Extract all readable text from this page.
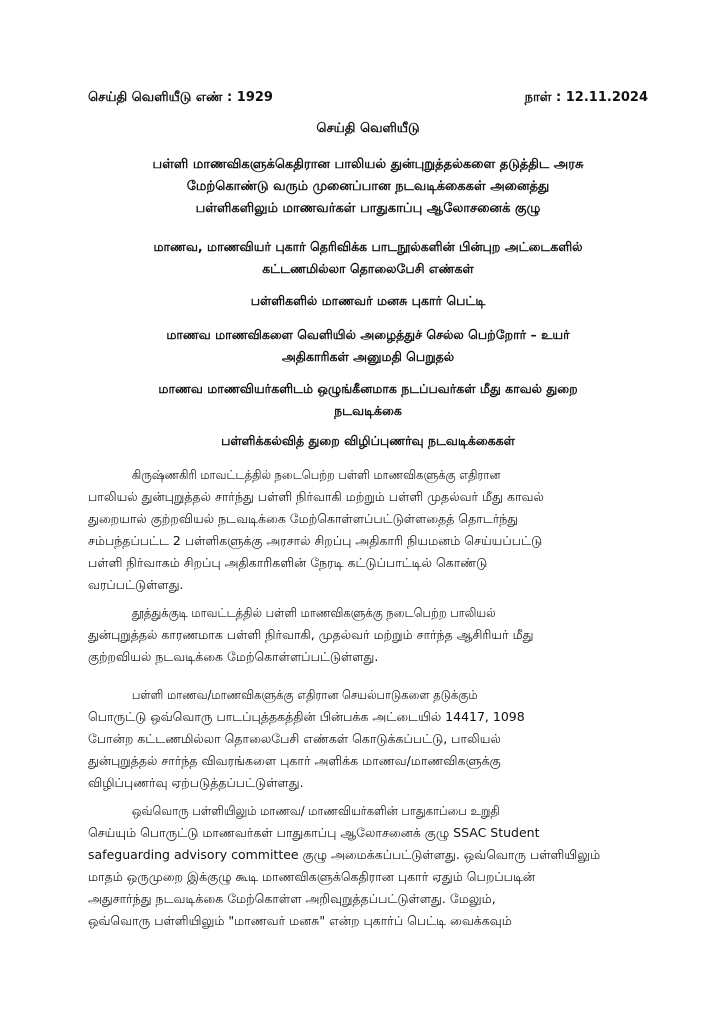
செய்தி வெளியீடு எண் : 1929	நாள் : 12.11.2024
செய்தி வெளியீடு
பள்ளி மாணவிகளுக்கெதிரான பாலியல் துன்புறுத்தல்களை தடுத்திட அரசு
மேற்கொண்டு வரும் முனைப்பான நடவடிக்கைகள் அனைத்து
பள்ளிகளிலும் மாணவர்கள் பாதுகாப்பு ஆலோசனைக் குழு
மாணவ, மாணவியர் புகார் தெரிவிக்க பாடநூல்களின் பின்புற அட்டைகளில்
கட்டணமில்லா தொலைபேசி எண்கள்
பள்ளிகளில் மாணவர் மனசு புகார் பெட்டி
மாணவ மாணவிகளை வெளியில் அழைத்துச் செல்ல பெற்றோர் – உயர்
அதிகாரிகள் அனுமதி பெறுதல்
மாணவ மாணவியர்களிடம் ஒழுங்கீனமாக நடப்பவர்கள் மீது காவல் துறை
நடவடிக்கை
பள்ளிக்கல்வித் துறை விழிப்புணர்வு நடவடிக்கைகள்
கிருஷ்ணகிரி மாவட்டத்தில் நடைபெற்ற பள்ளி மாணவிகளுக்கு எதிரான
பாலியல் துன்புறுத்தல் சார்ந்து பள்ளி நிர்வாகி மற்றும் பள்ளி முதல்வர் மீது காவல்
துறையால் குற்றவியல் நடவடிக்கை மேற்கொள்ளப்பட்டுள்ளதைத் தொடர்ந்து
சம்பந்தப்பட்ட 2 பள்ளிகளுக்கு அரசால் சிறப்பு அதிகாரி நியமனம் செய்யப்பட்டு
பள்ளி நிர்வாகம் சிறப்பு அதிகாரிகளின் நேரடி கட்டுப்பாட்டில் கொண்டு
வரப்பட்டுள்ளது.
தூத்துக்குடி மாவட்டத்தில் பள்ளி மாணவிகளுக்கு நடைபெற்ற பாலியல்
துன்புறுத்தல் காரணமாக பள்ளி நிர்வாகி, முதல்வர் மற்றும் சார்ந்த ஆசிரியர் மீது
குற்றவியல் நடவடிக்கை மேற்கொள்ளப்பட்டுள்ளது.
பள்ளி மாணவ/மாணவிகளுக்கு எதிரான செயல்பாடுகளை தடுக்கும்
பொருட்டு ஒவ்வொரு பாடப்புத்தகத்தின் பின்பக்க அட்டையில் 14417, 1098
போன்ற கட்டணமில்லா தொலைபேசி எண்கள் கொடுக்கப்பட்டு, பாலியல்
துன்புறுத்தல் சார்ந்த விவரங்களை புகார் அளிக்க மாணவ/மாணவிகளுக்கு
விழிப்புணர்வு ஏற்படுத்தப்பட்டுள்ளது.
ஒவ்வொரு பள்ளியிலும் மாணவ/ மாணவியர்களின் பாதுகாப்பை உறுதி
செய்யும் பொருட்டு மாணவர்கள் பாதுகாப்பு ஆலோசனைக் குழு SSAC Student
safeguarding advisory committee குழு அமைக்கப்பட்டுள்ளது. ஒவ்வொரு பள்ளியிலும்
மாதம் ஒருமுறை இக்குழு கூடி மாணவிகளுக்கெதிரான புகார் ஏதும் பெறப்படின்
அதுசார்ந்து நடவடிக்கை மேற்கொள்ள அறிவுறுத்தப்பட்டுள்ளது. மேலும்,
ஒவ்வொரு பள்ளியிலும் "மாணவர் மனசு" என்ற புகார்ப் பெட்டி வைக்கவும்
